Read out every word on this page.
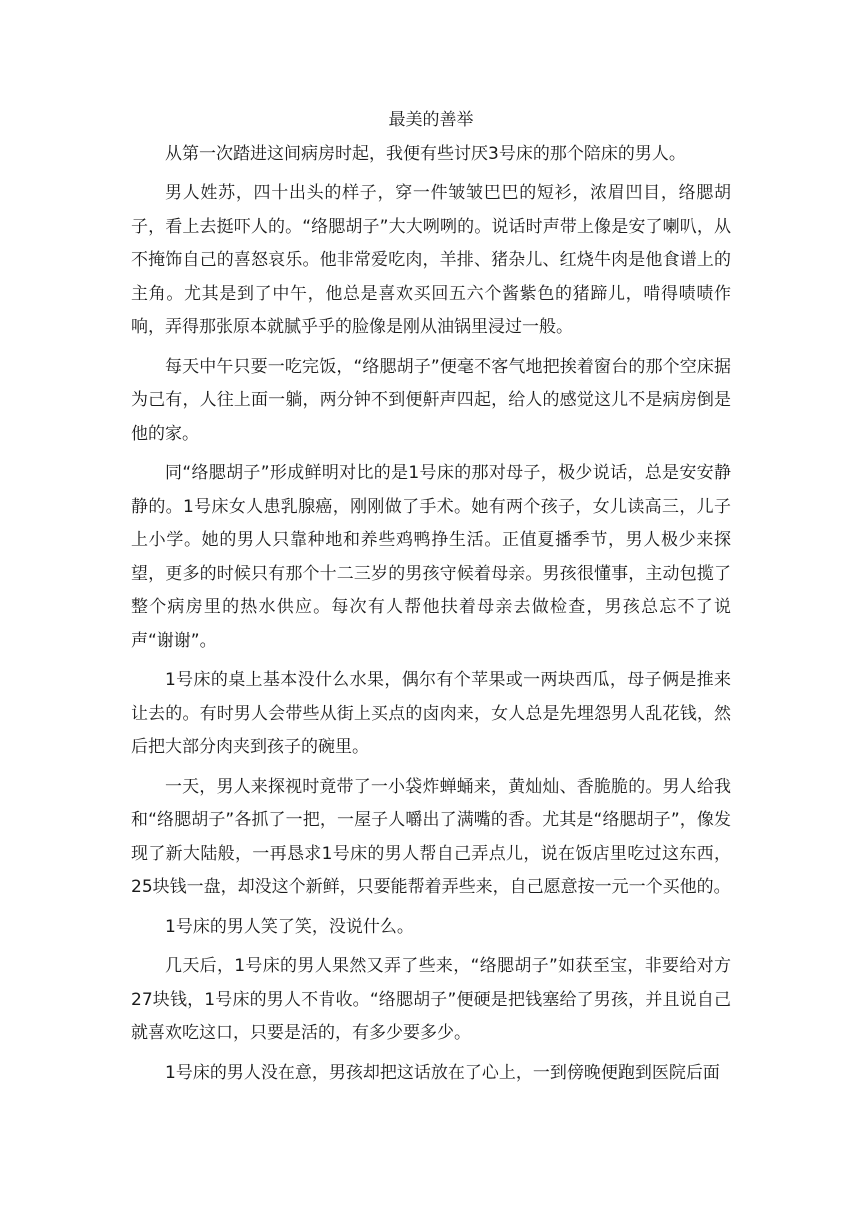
最美的善举

从第一次踏进这间病房时起，我便有些讨厌3号床的那个陪床的男人。

男人姓苏，四十出头的样子，穿一件皱皱巴巴的短衫，浓眉凹目，络腮胡子，看上去挺吓人的。“络腮胡子”大大咧咧的。说话时声带上像是安了喇叭，从不掩饰自己的喜怒哀乐。他非常爱吃肉，羊排、猪杂儿、红烧牛肉是他食谱上的主角。尤其是到了中午，他总是喜欢买回五六个酱紫色的猪蹄儿，啃得啧啧作响，弄得那张原本就腻乎乎的脸像是刚从油锅里浸过一般。

每天中午只要一吃完饭，“络腮胡子”便毫不客气地把挨着窗台的那个空床据为己有，人往上面一躺，两分钟不到便鼾声四起，给人的感觉这儿不是病房倒是他的家。

同“络腮胡子”形成鲜明对比的是1号床的那对母子，极少说话，总是安安静静的。1号床女人患乳腺癌，刚刚做了手术。她有两个孩子，女儿读高三，儿子上小学。她的男人只靠种地和养些鸡鸭挣生活。正值夏播季节，男人极少来探望，更多的时候只有那个十二三岁的男孩守候着母亲。男孩很懂事，主动包揽了整个病房里的热水供应。每次有人帮他扶着母亲去做检查，男孩总忘不了说声“谢谢”。

1号床的桌上基本没什么水果，偶尔有个苹果或一两块西瓜，母子俩是推来让去的。有时男人会带些从街上买点的卤肉来，女人总是先埋怨男人乱花钱，然后把大部分肉夹到孩子的碗里。

一天，男人来探视时竟带了一小袋炸蝉蛹来，黄灿灿、香脆脆的。男人给我和“络腮胡子”各抓了一把，一屋子人嚼出了满嘴的香。尤其是“络腮胡子”，像发现了新大陆般，一再恳求1号床的男人帮自己弄点儿，说在饭店里吃过这东西，25块钱一盘，却没这个新鲜，只要能帮着弄些来，自己愿意按一元一个买他的。

1号床的男人笑了笑，没说什么。

几天后，1号床的男人果然又弄了些来，“络腮胡子”如获至宝，非要给对方27块钱，1号床的男人不肯收。“络腮胡子”便硬是把钱塞给了男孩，并且说自己就喜欢吃这口，只要是活的，有多少要多少。

1号床的男人没在意，男孩却把这话放在了心上，一到傍晚便跑到医院后面
